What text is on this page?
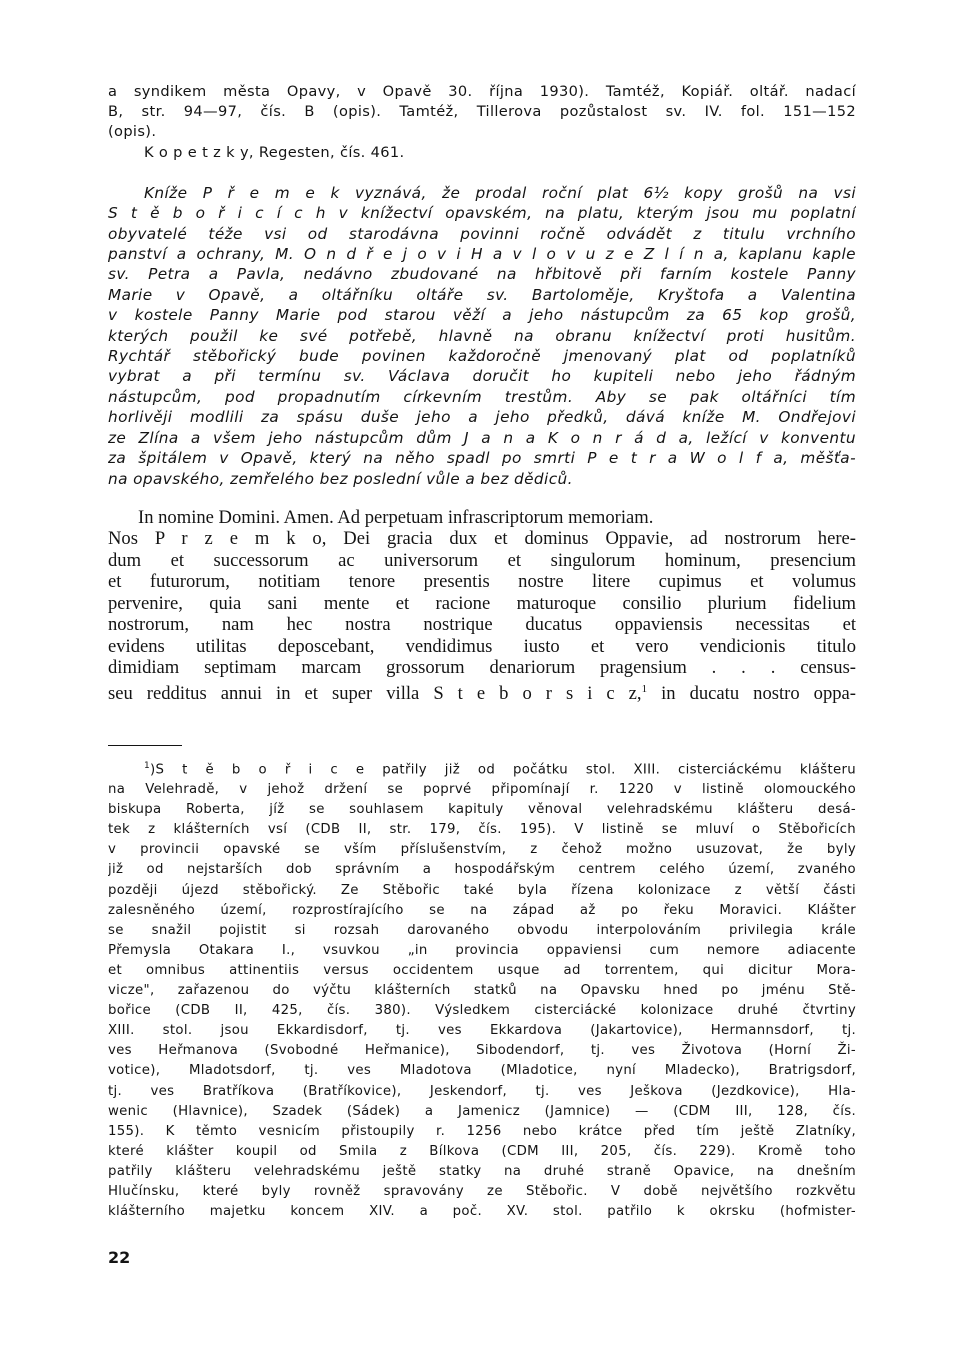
a syndikem města Opavy, v Opavě 30. října 1930). Tamtéž, Kopiář. oltář. nadací
B, str. 94—97, čís. B (opis). Tamtéž, Tillerova pozůstalost sv. IV. fol. 151—152
(opis).
K o p e t z k y, Regesten, čís. 461.
Kníže P ř e m e k vyznává, že prodal roční plat 6½ kopy grošů na vsi
S t ě b o ř i c í c h v knížectví opavském, na platu, kterým jsou mu poplatní
obyvatelé téže vsi od starodávna povinni ročně odvádět z titulu vrchního
panství a ochrany, M. O n d ř e j o v i H a v l o v u z e Z l í n a, kaplanu kaple
sv. Petra a Pavla, nedávno zbudované na hřbitově při farním kostele Panny
Marie v Opavě, a oltářníku oltáře sv. Bartoloměje, Kryštofa a Valentina
v kostele Panny Marie pod starou věží a jeho nástupcům za 65 kop grošů,
kterých použil ke své potřebě, hlavně na obranu knížectví proti husitům.
Rychtář stěbořický bude povinen každoročně jmenovaný plat od poplatníků
vybrat a při termínu sv. Václava doručit ho kupiteli nebo jeho řádným
nástupcům, pod propadnutím církevním trestům. Aby se pak oltářníci tím
horlivěji modlili za spásu duše jeho a jeho předků, dává kníže M. Ondřejovi
ze Zlína a všem jeho nástupcům dům J a n a K o n r á d a, ležící v konventu
za špitálem v Opavě, který na něho spadl po smrti P e t r a W o l f a, měšťa-
na opavského, zemřelého bez poslední vůle a bez dědiců.
In nomine Domini. Amen. Ad perpetuam infrascriptorum memoriam.
Nos P r z e m k o, Dei gracia dux et dominus Oppavie, ad nostrorum here-
dum et successorum ac universorum et singulorum hominum, presencium
et futurorum, notitiam tenore presentis nostre litere cupimus et volumus
pervenire, quia sani mente et racione maturoque consilio plurium fidelium
nostrorum, nam hec nostra nostrique ducatus oppaviensis necessitas et
evidens utilitas deposcebant, vendidimus iusto et vero vendicionis titulo
dimidiam septimam marcam grossorum denariorum pragensium . . . census-
seu redditus annui in et super villa S t e b o r s i c z,$^1$ in ducatu nostro oppa-
$^1$)S t ě b o ř i c e patřily již od počátku stol. XIII. cisterciáckému klášteru
na Velehradě, v jehož držení se poprvé připomínají r. 1220 v listině olomouckého
biskupa Roberta, jíž se souhlasem kapituly věnoval velehradskému klášteru desá-
tek z klášterních vsí (CDB II, str. 179, čís. 195). V listině se mluví o Stěbořicích
v provincii opavské se vším příslušenstvím, z čehož možno usuzovat, že byly
již od nejstarších dob správním a hospodářským centrem celého území, zvaného
později újezd stěbořický. Ze Stěbořic také byla řízena kolonizace z větší části
zalesněného území, rozprostírajícího se na západ až po řeku Moravici. Klášter
se snažil pojistit si rozsah darovaného obvodu interpolováním privilegia krále
Přemysla Otakara I., vsuvkou „in provincia oppaviensi cum nemore adiacente
et omnibus attinentiis versus occidentem usque ad torrentem, qui dicitur Mora-
vicze", zařazenou do výčtu klášterních statků na Opavsku hned po jménu Stě-
bořice (CDB II, 425, čís. 380). Výsledkem cisterciácké kolonizace druhé čtvrtiny
XIII. stol. jsou Ekkardisdorf, tj. ves Ekkardova (Jakartovice), Hermannsdorf, tj.
ves Heřmanova (Svobodné Heřmanice), Sibodendorf, tj. ves Životova (Horní Ži-
votice), Mladotsdorf, tj. ves Mladotova (Mladotice, nyní Mladecko), Bratrigsdorf,
tj. ves Bratříkova (Bratříkovice), Jeskendorf, tj. ves Ješkova (Jezdkovice), Hla-
wenic (Hlavnice), Szadek (Sádek) a Jamenicz (Jamnice) — (CDM III, 128, čís.
155). K těmto vesnicím přistoupily r. 1256 nebo krátce před tím ještě Zlatníky,
které klášter koupil od Smila z Bílkova (CDM III, 205, čís. 229). Kromě toho
patřily klášteru velehradskému ještě statky na druhé straně Opavice, na dnešním
Hlučínsku, které byly rovněž spravovány ze Stěbořic. V době největšího rozkvětu
klášterního majetku koncem XIV. a poč. XV. stol. patřilo k okrsku (hofmister-
22
